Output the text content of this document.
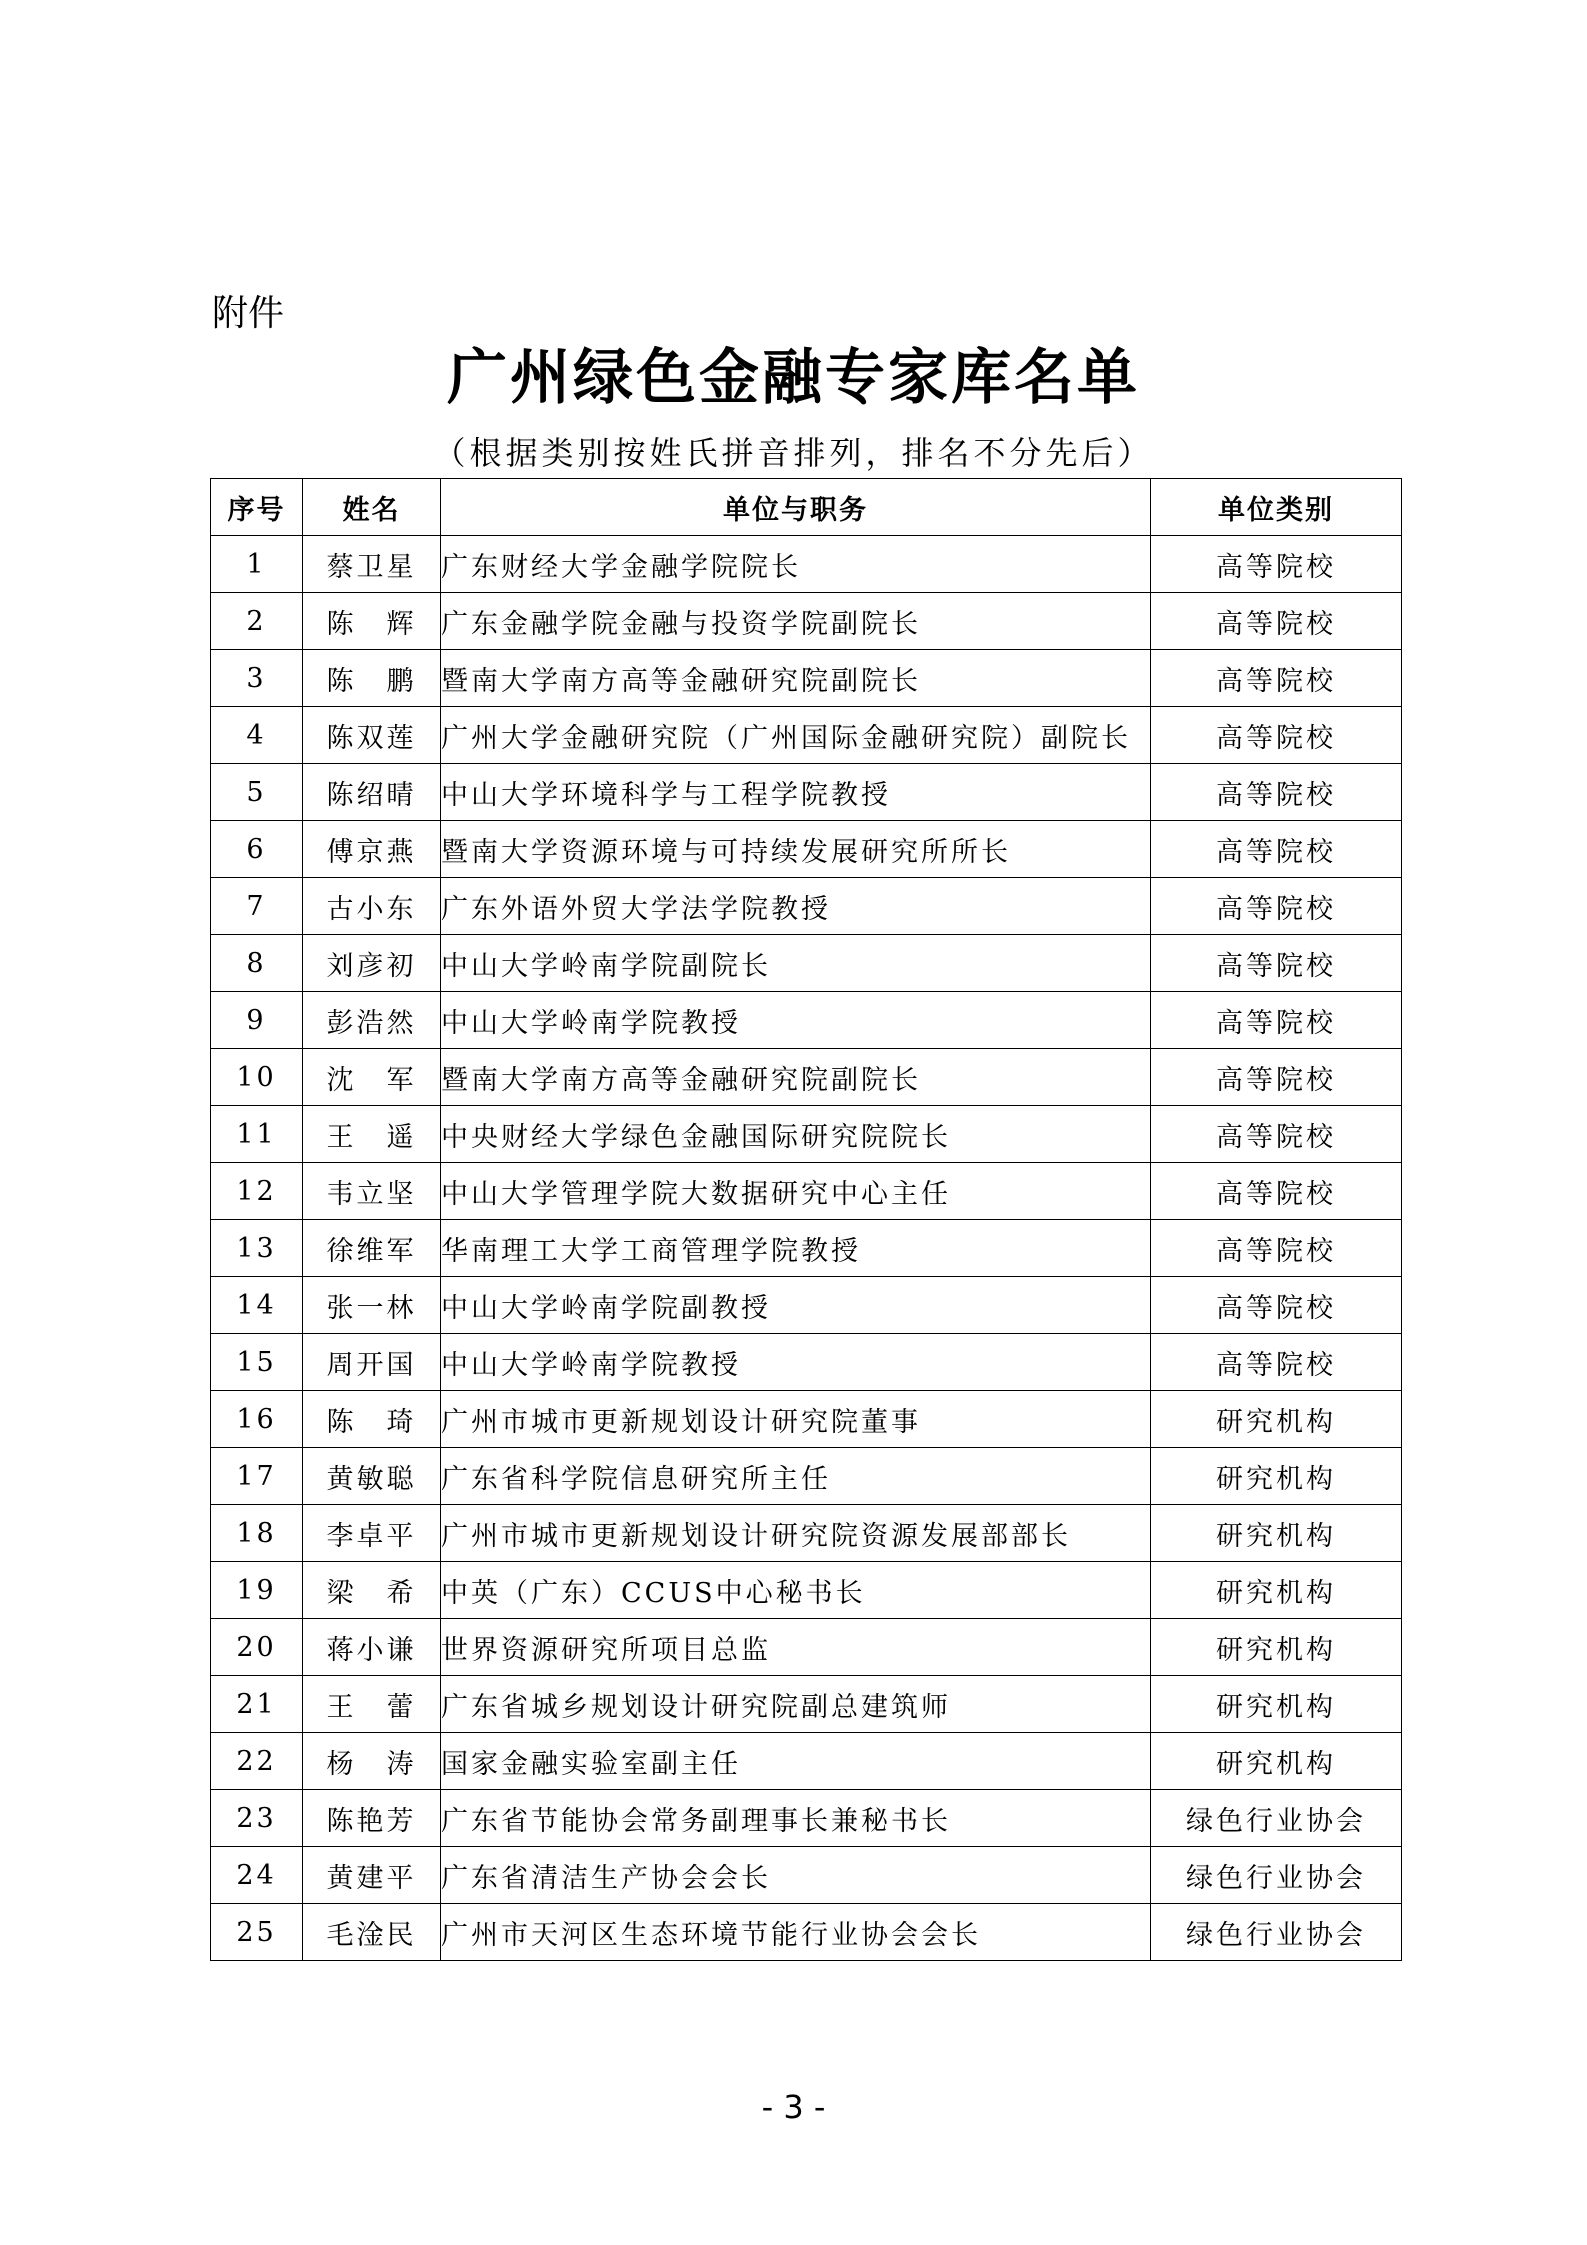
附件
广州绿色金融专家库名单
（根据类别按姓氏拼音排列，排名不分先后）
序号	姓名	单位与职务	单位类别
1	蔡卫星	广东财经大学金融学院院长	高等院校
2	陈　辉	广东金融学院金融与投资学院副院长	高等院校
3	陈　鹏	暨南大学南方高等金融研究院副院长	高等院校
4	陈双莲	广州大学金融研究院（广州国际金融研究院）副院长	高等院校
5	陈绍晴	中山大学环境科学与工程学院教授	高等院校
6	傅京燕	暨南大学资源环境与可持续发展研究所所长	高等院校
7	古小东	广东外语外贸大学法学院教授	高等院校
8	刘彦初	中山大学岭南学院副院长	高等院校
9	彭浩然	中山大学岭南学院教授	高等院校
10	沈　军	暨南大学南方高等金融研究院副院长	高等院校
11	王　遥	中央财经大学绿色金融国际研究院院长	高等院校
12	韦立坚	中山大学管理学院大数据研究中心主任	高等院校
13	徐维军	华南理工大学工商管理学院教授	高等院校
14	张一林	中山大学岭南学院副教授	高等院校
15	周开国	中山大学岭南学院教授	高等院校
16	陈　琦	广州市城市更新规划设计研究院董事	研究机构
17	黄敏聪	广东省科学院信息研究所主任	研究机构
18	李卓平	广州市城市更新规划设计研究院资源发展部部长	研究机构
19	梁　希	中英（广东）CCUS中心秘书长	研究机构
20	蒋小谦	世界资源研究所项目总监	研究机构
21	王　蕾	广东省城乡规划设计研究院副总建筑师	研究机构
22	杨　涛	国家金融实验室副主任	研究机构
23	陈艳芳	广东省节能协会常务副理事长兼秘书长	绿色行业协会
24	黄建平	广东省清洁生产协会会长	绿色行业协会
25	毛淦民	广州市天河区生态环境节能行业协会会长	绿色行业协会
- 3 -
